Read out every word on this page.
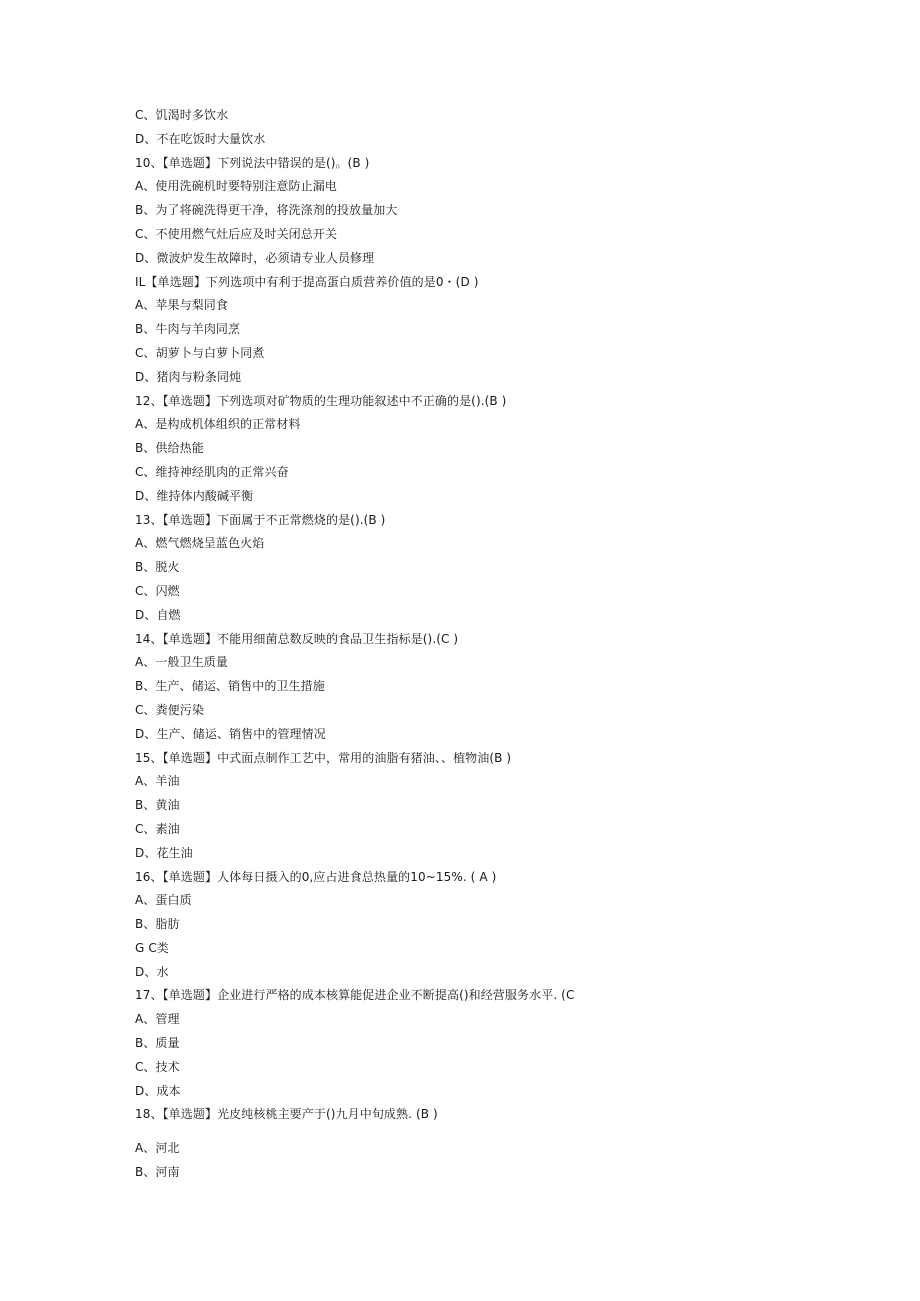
C、饥渴时多饮水
D、不在吃饭时大量饮水
10、【单选题】下列说法中错误的是()。(B )
A、使用洗碗机时要特别注意防止漏电
B、为了将碗洗得更干净，将洗涤剂的投放量加大
C、不使用燃气灶后应及时关闭总开关
D、微波炉发生故障时，必须请专业人员修理
IL【单选题】下列选项中有利于提高蛋白质营养价值的是0・(D )
A、苹果与梨同食
B、牛肉与羊肉同烹
C、胡萝卜与白萝卜同煮
D、猪肉与粉条同炖
12、【单选题】下列选项对矿物质的生理功能叙述中不正确的是().(B )
A、是构成机体组织的正常材料
B、供给热能
C、维持神经肌肉的正常兴奋
D、维持体内酸碱平衡
13、【单选题】下面属于不正常燃烧的是().(B )
A、燃气燃烧呈蓝色火焰
B、脱火
C、闪燃
D、自燃
14、【单选题】不能用细菌总数反映的食品卫生指标是().(C )
A、一般卫生质量
B、生产、储运、销售中的卫生措施
C、粪便污染
D、生产、储运、销售中的管理情况
15、【单选题】中式面点制作工艺中，常用的油脂有猪油、、植物油(B )
A、羊油
B、黄油
C、素油
D、花生油
16、【单选题】人体每日摄入的0,应占进食总热量的10~15%. ( A )
A、蛋白质
B、脂肪
G C类
D、水
17、【单选题】企业进行严格的成本核算能促进企业不断提高()和经营服务水平. (C
A、管理
B、质量
C、技术
D、成本
18、【单选题】光皮纯核桃主要产于()九月中旬成熟. (B )
A、河北
B、河南
